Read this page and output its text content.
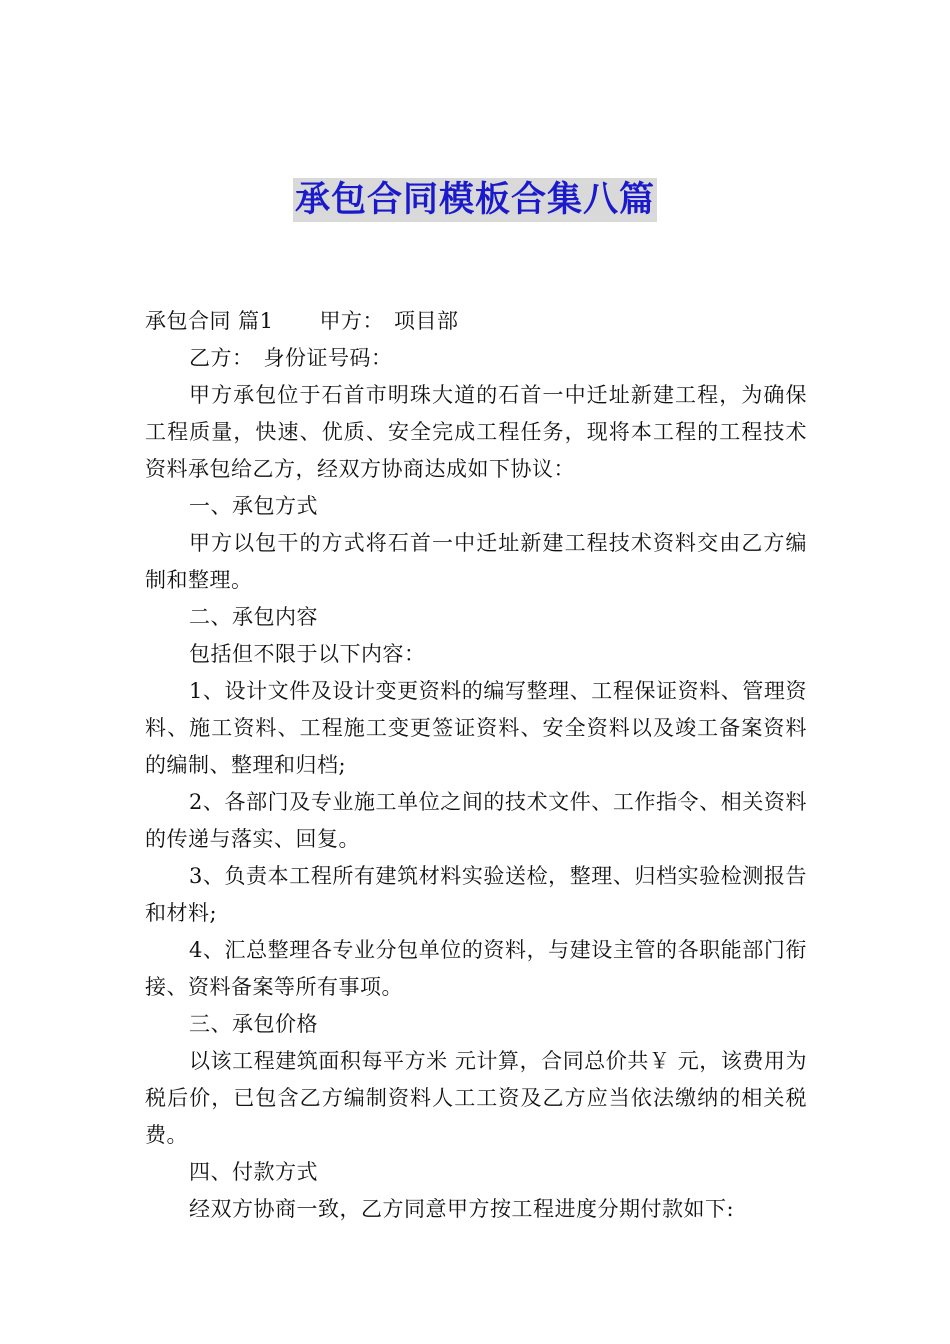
承包合同模板合集八篇

承包合同 篇1 甲方： 项目部

乙方： 身份证号码：

甲方承包位于石首市明珠大道的石首一中迁址新建工程，为确保工程质量，快速、优质、安全完成工程任务，现将本工程的工程技术资料承包给乙方，经双方协商达成如下协议：

一、承包方式

甲方以包干的方式将石首一中迁址新建工程技术资料交由乙方编制和整理。

二、承包内容

包括但不限于以下内容：

1、设计文件及设计变更资料的编写整理、工程保证资料、管理资料、施工资料、工程施工变更签证资料、安全资料以及竣工备案资料的编制、整理和归档;

2、各部门及专业施工单位之间的技术文件、工作指令、相关资料的传递与落实、回复。

3、负责本工程所有建筑材料实验送检，整理、归档实验检测报告和材料;

4、汇总整理各专业分包单位的资料，与建设主管的各职能部门衔接、资料备案等所有事项。

三、承包价格

以该工程建筑面积每平方米 元计算，合同总价共￥ 元，该费用为税后价，已包含乙方编制资料人工工资及乙方应当依法缴纳的相关税费。

四、付款方式

经双方协商一致，乙方同意甲方按工程进度分期付款如下:
